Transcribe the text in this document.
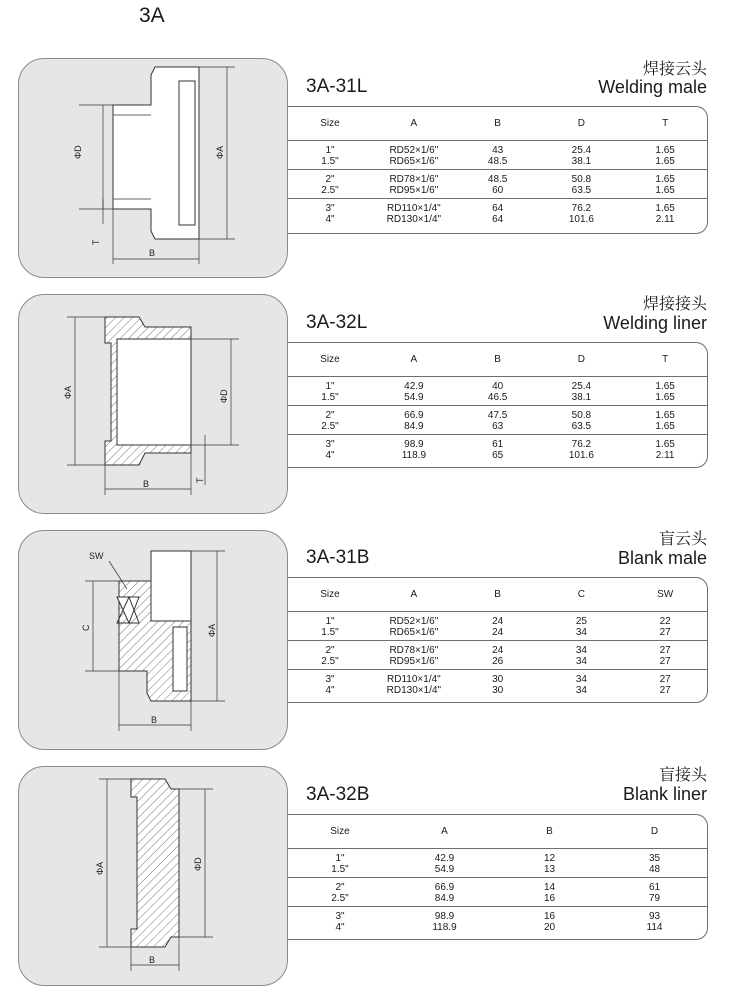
3A
ΦD	ΦA
T
B
3A-31L
焊接云头
Welding male
Size	A	B	D	T
1"	RD52×1/6"	43	25.4	1.65
1.5"	RD65×1/6"	48.5	38.1	1.65
2"	RD78×1/6"	48.5	50.8	1.65
2.5"	RD95×1/6"	60	63.5	1.65
3"	RD110×1/4"	64	76.2	1.65
4"	RD130×1/4"	64	101.6	2.11
ΦA	ΦD
T
B
3A-32L
焊接接头
Welding liner
Size	A	B	D	T
1"	42.9	40	25.4	1.65
1.5"	54.9	46.5	38.1	1.65
2"	66.9	47.5	50.8	1.65
2.5"	84.9	63	63.5	1.65
3"	98.9	61	76.2	1.65
4"	118.9	65	101.6	2.11
SW
C	ΦA
B
3A-31B
盲云头
Blank male
Size	A	B	C	SW
1"	RD52×1/6"	24	25	22
1.5"	RD65×1/6"	24	34	27
2"	RD78×1/6"	24	34	27
2.5"	RD95×1/6"	26	34	27
3"	RD110×1/4"	30	34	27
4"	RD130×1/4"	30	34	27
ΦA	ΦD
B
3A-32B
盲接头
Blank liner
Size	A	B	D
1"	42.9	12	35
1.5"	54.9	13	48
2"	66.9	14	61
2.5"	84.9	16	79
3"	98.9	16	93
4"	118.9	20	114
